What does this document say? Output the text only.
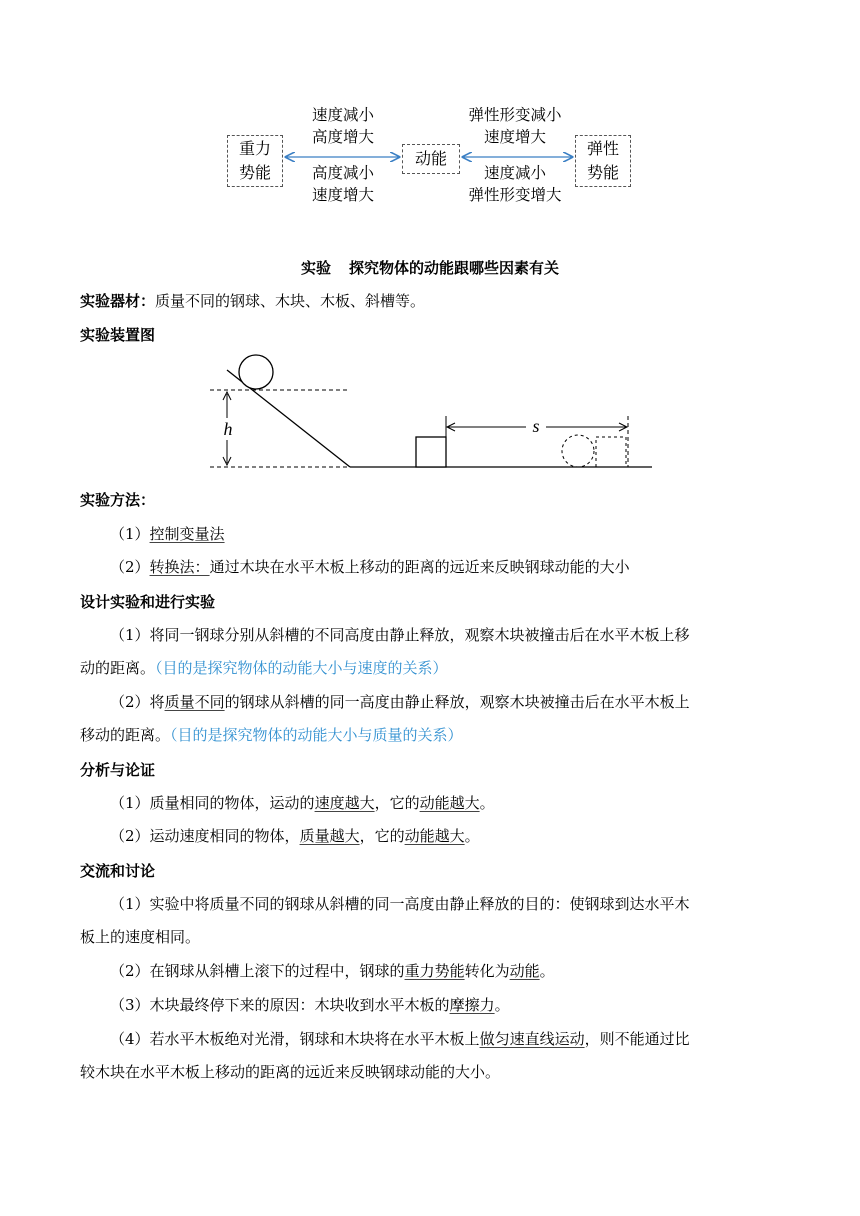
重力
势能
动能
弹性
势能
速度减小
高度增大
高度减小
速度增大
弹性形变减小
速度增大
速度减小
弹性形变增大
实验 探究物体的动能跟哪些因素有关
实验器材：质量不同的钢球、木块、木板、斜槽等。
实验装置图
h	s
实验方法：
（1）控制变量法
（2）转换法：通过木块在水平木板上移动的距离的远近来反映钢球动能的大小
设计实验和进行实验
（1）将同一钢球分别从斜槽的不同高度由静止释放，观察木块被撞击后在水平木板上移
动的距离。（目的是探究物体的动能大小与速度的关系）
（2）将质量不同的钢球从斜槽的同一高度由静止释放，观察木块被撞击后在水平木板上
移动的距离。（目的是探究物体的动能大小与质量的关系）
分析与论证
（1）质量相同的物体，运动的速度越大，它的动能越大。
（2）运动速度相同的物体，质量越大，它的动能越大。
交流和讨论
（1）实验中将质量不同的钢球从斜槽的同一高度由静止释放的目的：使钢球到达水平木
板上的速度相同。
（2）在钢球从斜槽上滚下的过程中，钢球的重力势能转化为动能。
（3）木块最终停下来的原因：木块收到水平木板的摩擦力。
（4）若水平木板绝对光滑，钢球和木块将在水平木板上做匀速直线运动，则不能通过比
较木块在水平木板上移动的距离的远近来反映钢球动能的大小。
